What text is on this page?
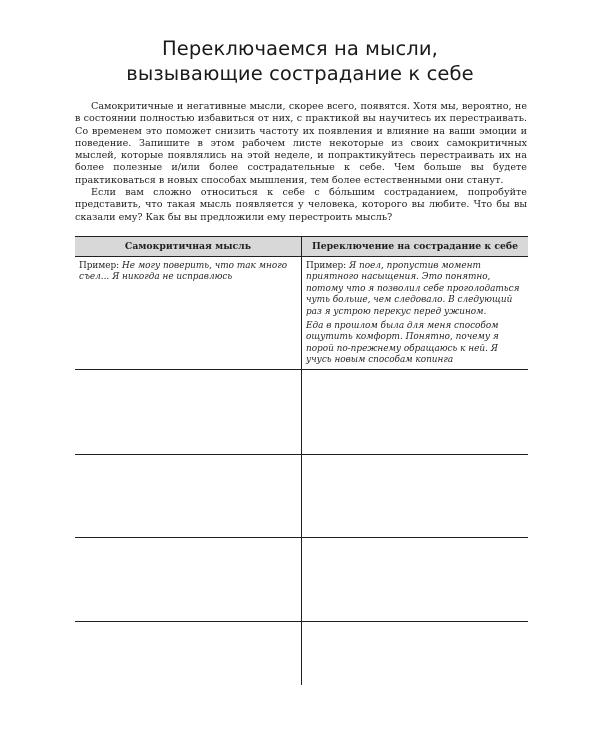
Переключаемся на мысли,
вызывающие сострадание к себе

Самокритичные и негативные мысли, скорее всего, появятся. Хотя мы, вероятно, не в состоянии полностью избавиться от них, с практикой вы научитесь их перестраивать. Со временем это поможет снизить частоту их появления и влияние на ваши эмоции и поведение. Запишите в этом рабочем листе некоторые из своих самокритичных мыслей, которые появлялись на этой неделе, и попрактикуйтесь перестраивать их на более полезные и/или более сострадательные к себе. Чем больше вы будете практиковаться в новых способах мышления, тем более естественными они станут.

Если вам сложно относиться к себе с бо́льшим состраданием, попробуйте представить, что такая мысль появляется у человека, которого вы любите. Что бы вы сказали ему? Как бы вы предложили ему перестроить мысль?

Самокритичная мысль	Переключение на сострадание к себе

Пример: Не могу поверить, что так много съел... Я никогда не исправлюсь

Пример: Я поел, пропустив момент приятного насыщения. Это понятно, потому что я позволил себе проголодаться чуть больше, чем следовало. В следующий раз я устрою перекус перед ужином.

Еда в прошлом была для меня способом ощутить комфорт. Понятно, почему я порой по-прежнему обращаюсь к ней. Я учусь новым способам копинга
